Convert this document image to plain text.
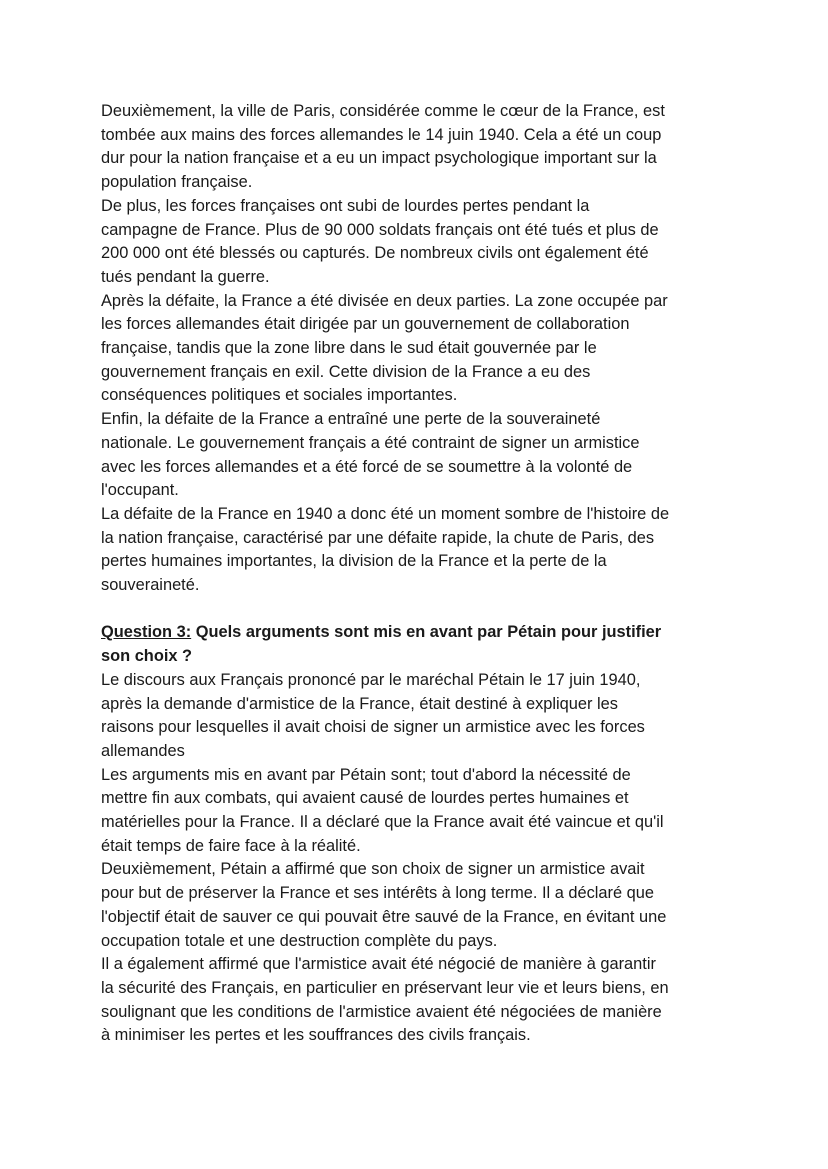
Deuxièmement, la ville de Paris, considérée comme le cœur de la France, est
tombée aux mains des forces allemandes le 14 juin 1940. Cela a été un coup
dur pour la nation française et a eu un impact psychologique important sur la
population française.

De plus, les forces françaises ont subi de lourdes pertes pendant la
campagne de France. Plus de 90 000 soldats français ont été tués et plus de
200 000 ont été blessés ou capturés. De nombreux civils ont également été
tués pendant la guerre.

Après la défaite, la France a été divisée en deux parties. La zone occupée par
les forces allemandes était dirigée par un gouvernement de collaboration
française, tandis que la zone libre dans le sud était gouvernée par le
gouvernement français en exil. Cette division de la France a eu des
conséquences politiques et sociales importantes.

Enfin, la défaite de la France a entraîné une perte de la souveraineté
nationale. Le gouvernement français a été contraint de signer un armistice
avec les forces allemandes et a été forcé de se soumettre à la volonté de
l'occupant.

La défaite de la France en 1940 a donc été un moment sombre de l'histoire de
la nation française, caractérisé par une défaite rapide, la chute de Paris, des
pertes humaines importantes, la division de la France et la perte de la
souveraineté.

Question 3: Quels arguments sont mis en avant par Pétain pour justifier
son choix ?

Le discours aux Français prononcé par le maréchal Pétain le 17 juin 1940,
après la demande d'armistice de la France, était destiné à expliquer les
raisons pour lesquelles il avait choisi de signer un armistice avec les forces
allemandes

Les arguments mis en avant par Pétain sont; tout d'abord la nécessité de
mettre fin aux combats, qui avaient causé de lourdes pertes humaines et
matérielles pour la France. Il a déclaré que la France avait été vaincue et qu'il
était temps de faire face à la réalité.

Deuxièmement, Pétain a affirmé que son choix de signer un armistice avait
pour but de préserver la France et ses intérêts à long terme. Il a déclaré que
l'objectif était de sauver ce qui pouvait être sauvé de la France, en évitant une
occupation totale et une destruction complète du pays.

Il a également affirmé que l'armistice avait été négocié de manière à garantir
la sécurité des Français, en particulier en préservant leur vie et leurs biens, en
soulignant que les conditions de l'armistice avaient été négociées de manière
à minimiser les pertes et les souffrances des civils français.
